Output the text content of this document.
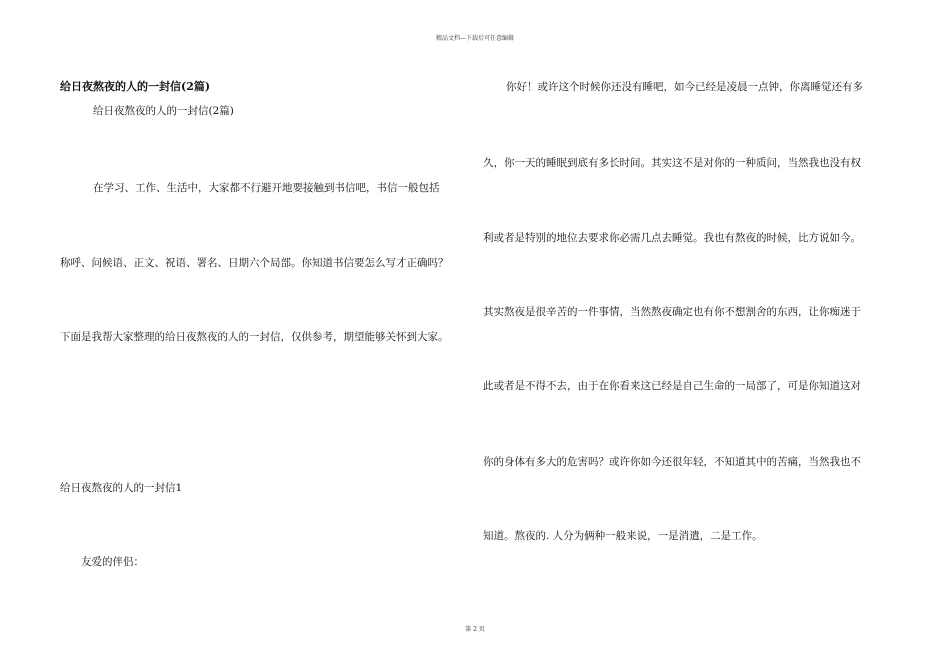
精品文档---下载后可任意编辑
给日夜熬夜的人的一封信(2篇)
给日夜熬夜的人的一封信(2篇)
在学习、工作、生活中，大家都不行避开地要接触到书信吧，书信一般包括
称呼、问候语、正文、祝语、署名、日期六个局部。你知道书信要怎么写才正确吗？
下面是我帮大家整理的给日夜熬夜的人的一封信，仅供参考，期望能够关怀到大家。
给日夜熬夜的人的一封信1
友爱的伴侣：
你好！或许这个时候你还没有睡吧，如今已经是凌晨一点钟，你离睡觉还有多
久，你一天的睡眠到底有多长时间。其实这不是对你的一种质问，当然我也没有权
利或者是特别的地位去要求你必需几点去睡觉。我也有熬夜的时候，比方说如今。
其实熬夜是很辛苦的一件事情，当然熬夜确定也有你不想割舍的东西，让你痴迷于
此或者是不得不去，由于在你看来这已经是自己生命的一局部了，可是你知道这对
你的身体有多大的危害吗？或许你如今还很年轻，不知道其中的苦痛，当然我也不
知道。熬夜的. 人分为俩种一般来说，一是消遣，二是工作。
第 2 页
